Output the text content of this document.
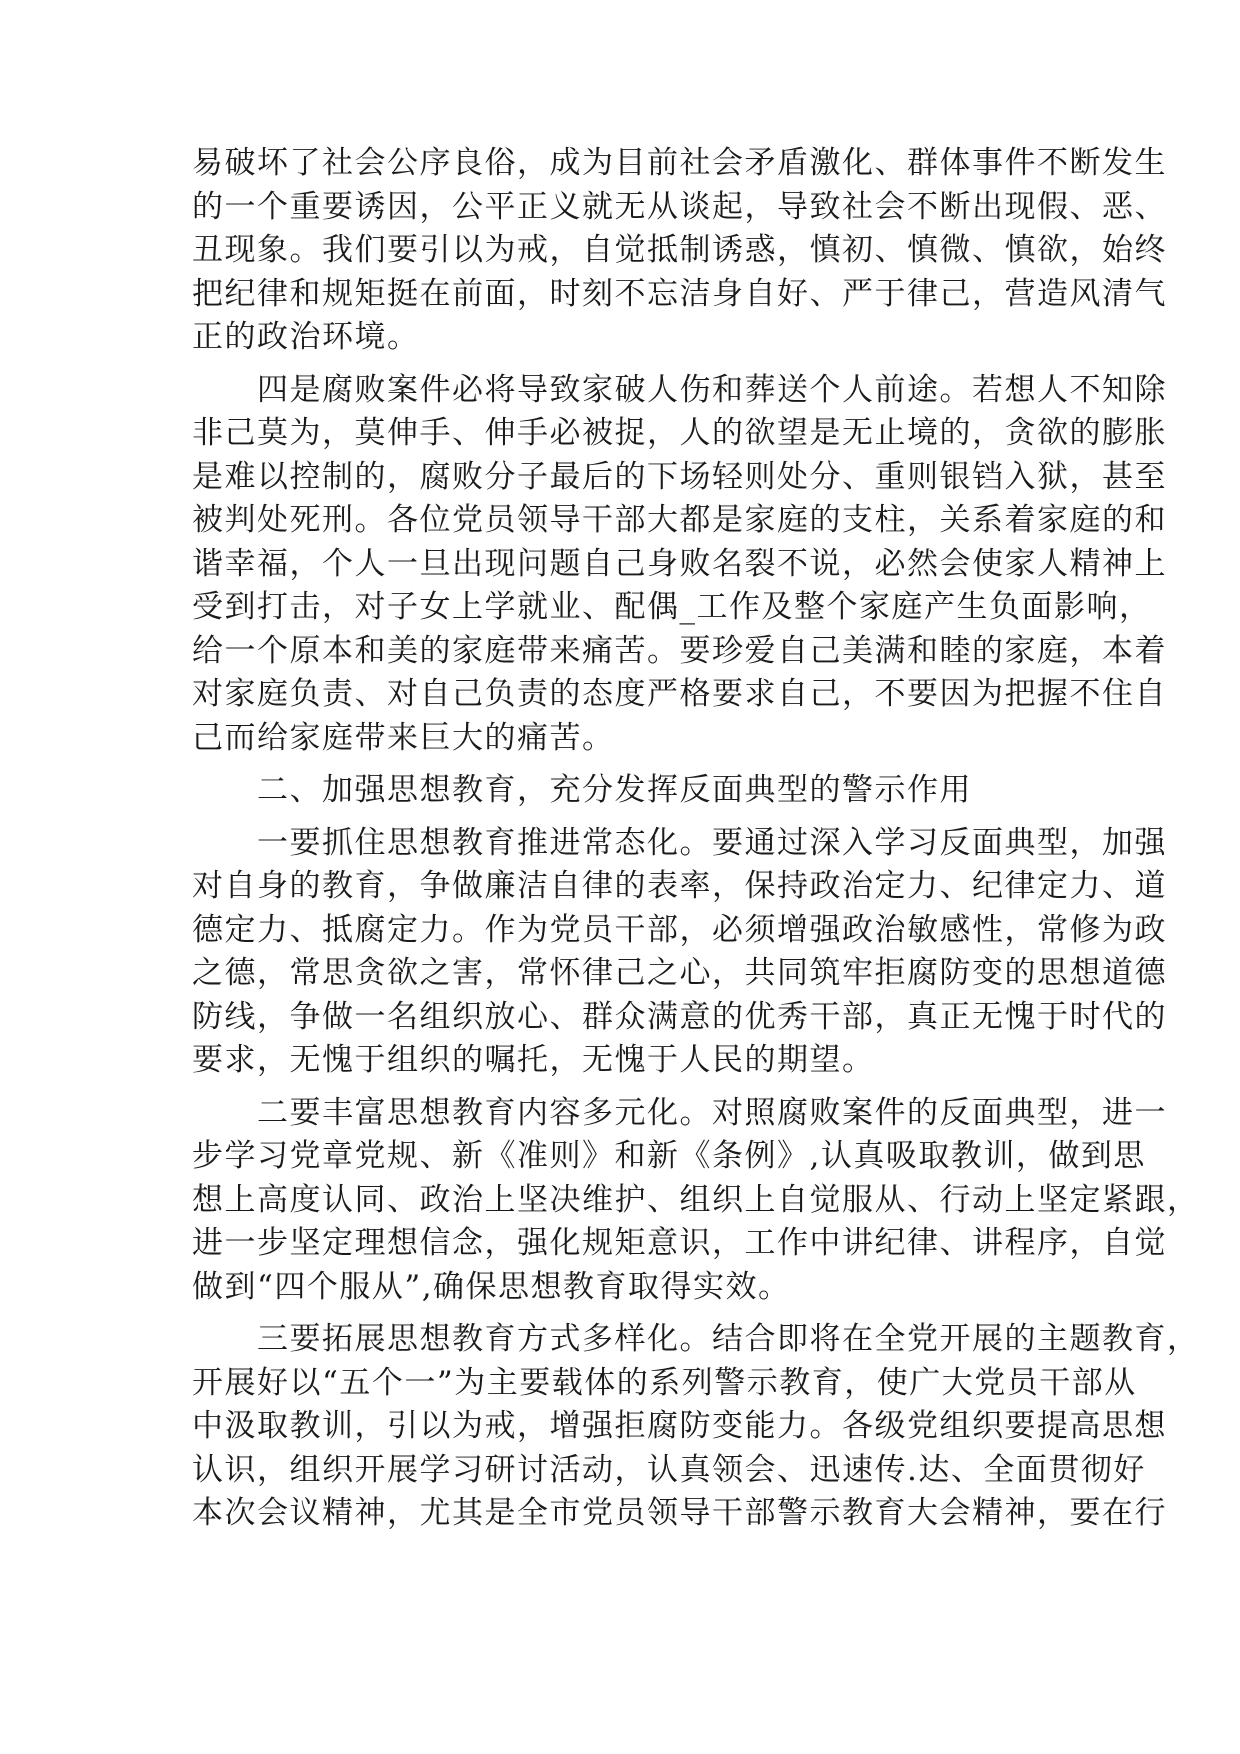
易破坏了社会公序良俗，成为目前社会矛盾激化、群体事件不断发生
的一个重要诱因，公平正义就无从谈起，导致社会不断出现假、恶、
丑现象。我们要引以为戒，自觉抵制诱惑，慎初、慎微、慎欲，始终
把纪律和规矩挺在前面，时刻不忘洁身自好、严于律己，营造风清气
正的政治环境。
　　四是腐败案件必将导致家破人伤和葬送个人前途。若想人不知除
非己莫为，莫伸手、伸手必被捉，人的欲望是无止境的，贪欲的膨胀
是难以控制的，腐败分子最后的下场轻则处分、重则银铛入狱，甚至
被判处死刑。各位党员领导干部大都是家庭的支柱，关系着家庭的和
谐幸福，个人一旦出现问题自己身败名裂不说，必然会使家人精神上
受到打击，对子女上学就业、配偶_工作及整个家庭产生负面影响，
给一个原本和美的家庭带来痛苦。要珍爱自己美满和睦的家庭，本着
对家庭负责、对自己负责的态度严格要求自己，不要因为把握不住自
己而给家庭带来巨大的痛苦。
　　二、加强思想教育，充分发挥反面典型的警示作用
　　一要抓住思想教育推进常态化。要通过深入学习反面典型，加强
对自身的教育，争做廉洁自律的表率，保持政治定力、纪律定力、道
德定力、抵腐定力。作为党员干部，必须增强政治敏感性，常修为政
之德，常思贪欲之害，常怀律己之心，共同筑牢拒腐防变的思想道德
防线，争做一名组织放心、群众满意的优秀干部，真正无愧于时代的
要求，无愧于组织的嘱托，无愧于人民的期望。
　　二要丰富思想教育内容多元化。对照腐败案件的反面典型，进一
步学习党章党规、新《准则》和新《条例》,认真吸取教训，做到思
想上高度认同、政治上坚决维护、组织上自觉服从、行动上坚定紧跟，
进一步坚定理想信念，强化规矩意识，工作中讲纪律、讲程序，自觉
做到“四个服从”,确保思想教育取得实效。
　　三要拓展思想教育方式多样化。结合即将在全党开展的主题教育，
开展好以“五个一”为主要载体的系列警示教育，使广大党员干部从
中汲取教训，引以为戒，增强拒腐防变能力。各级党组织要提高思想
认识，组织开展学习研讨活动，认真领会、迅速传.达、全面贯彻好
本次会议精神，尤其是全市党员领导干部警示教育大会精神，要在行
